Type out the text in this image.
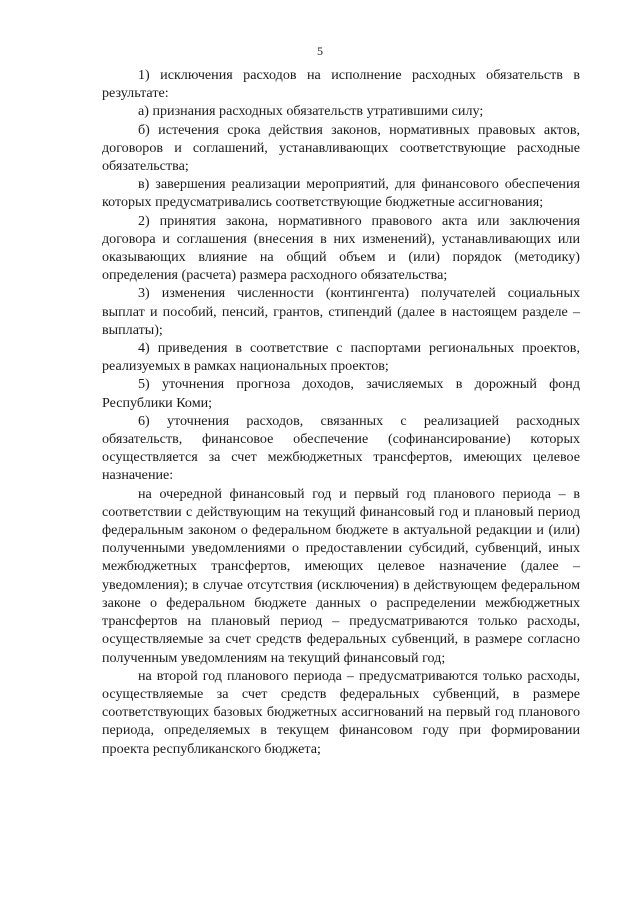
5

1) исключения расходов на исполнение расходных обязательств в результате:

а) признания расходных обязательств утратившими силу;

б) истечения срока действия законов, нормативных правовых актов, договоров и соглашений, устанавливающих соответствующие расходные обязательства;

в) завершения реализации мероприятий, для финансового обеспечения которых предусматривались соответствующие бюджетные ассигнования;

2) принятия закона, нормативного правового акта или заключения договора и соглашения (внесения в них изменений), устанавливающих или оказывающих влияние на общий объем и (или) порядок (методику) определения (расчета) размера расходного обязательства;

3) изменения численности (контингента) получателей социальных выплат и пособий, пенсий, грантов, стипендий (далее в настоящем разделе – выплаты);

4) приведения в соответствие с паспортами региональных проектов, реализуемых в рамках национальных проектов;

5) уточнения прогноза доходов, зачисляемых в дорожный фонд Республики Коми;

6) уточнения расходов, связанных с реализацией расходных обязательств, финансовое обеспечение (софинансирование) которых осуществляется за счет межбюджетных трансфертов, имеющих целевое назначение:

на очередной финансовый год и первый год планового периода – в соответствии с действующим на текущий финансовый год и плановый период федеральным законом о федеральном бюджете в актуальной редакции и (или) полученными уведомлениями о предоставлении субсидий, субвенций, иных межбюджетных трансфертов, имеющих целевое назначение (далее – уведомления); в случае отсутствия (исключения) в действующем федеральном законе о федеральном бюджете данных о распределении межбюджетных трансфертов на плановый период – предусматриваются только расходы, осуществляемые за счет средств федеральных субвенций, в размере согласно полученным уведомлениям на текущий финансовый год;

на второй год планового периода – предусматриваются только расходы, осуществляемые за счет средств федеральных субвенций, в размере соответствующих базовых бюджетных ассигнований на первый год планового периода, определяемых в текущем финансовом году при формировании проекта республиканского бюджета;
